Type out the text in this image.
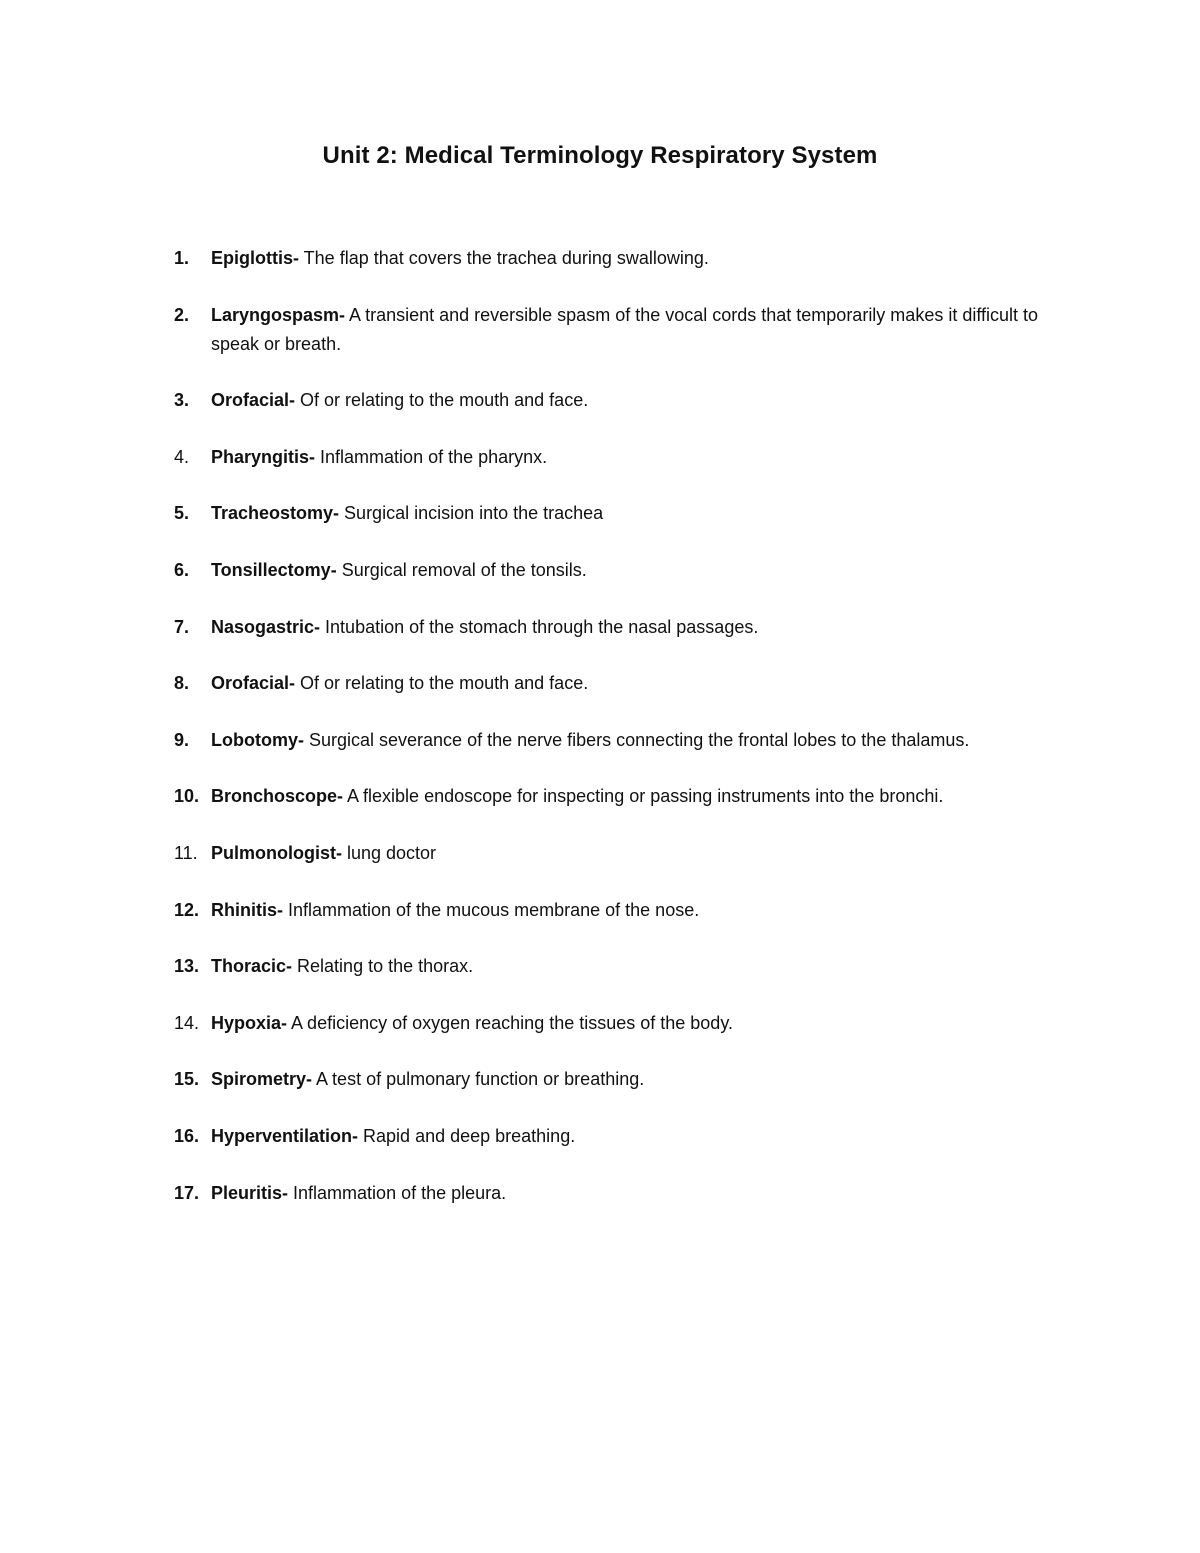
Unit 2: Medical Terminology Respiratory System
1.	Epiglottis- The flap that covers the trachea during swallowing.
2.	Laryngospasm- A transient and reversible spasm of the vocal cords that temporarily makes it difficult to speak or breath.
3.	Orofacial- Of or relating to the mouth and face.
4.	Pharyngitis- Inflammation of the pharynx.
5.	Tracheostomy- Surgical incision into the trachea
6.	Tonsillectomy- Surgical removal of the tonsils.
7.	Nasogastric- Intubation of the stomach through the nasal passages.
8.	Orofacial- Of or relating to the mouth and face.
9.	Lobotomy- Surgical severance of the nerve fibers connecting the frontal lobes to the thalamus.
10. Bronchoscope- A flexible endoscope for inspecting or passing instruments into the bronchi.
11. Pulmonologist- lung doctor
12. Rhinitis- Inflammation of the mucous membrane of the nose.
13. Thoracic- Relating to the thorax.
14. Hypoxia- A deficiency of oxygen reaching the tissues of the body.
15. Spirometry- A test of pulmonary function or breathing.
16. Hyperventilation- Rapid and deep breathing.
17. Pleuritis- Inflammation of the pleura.
